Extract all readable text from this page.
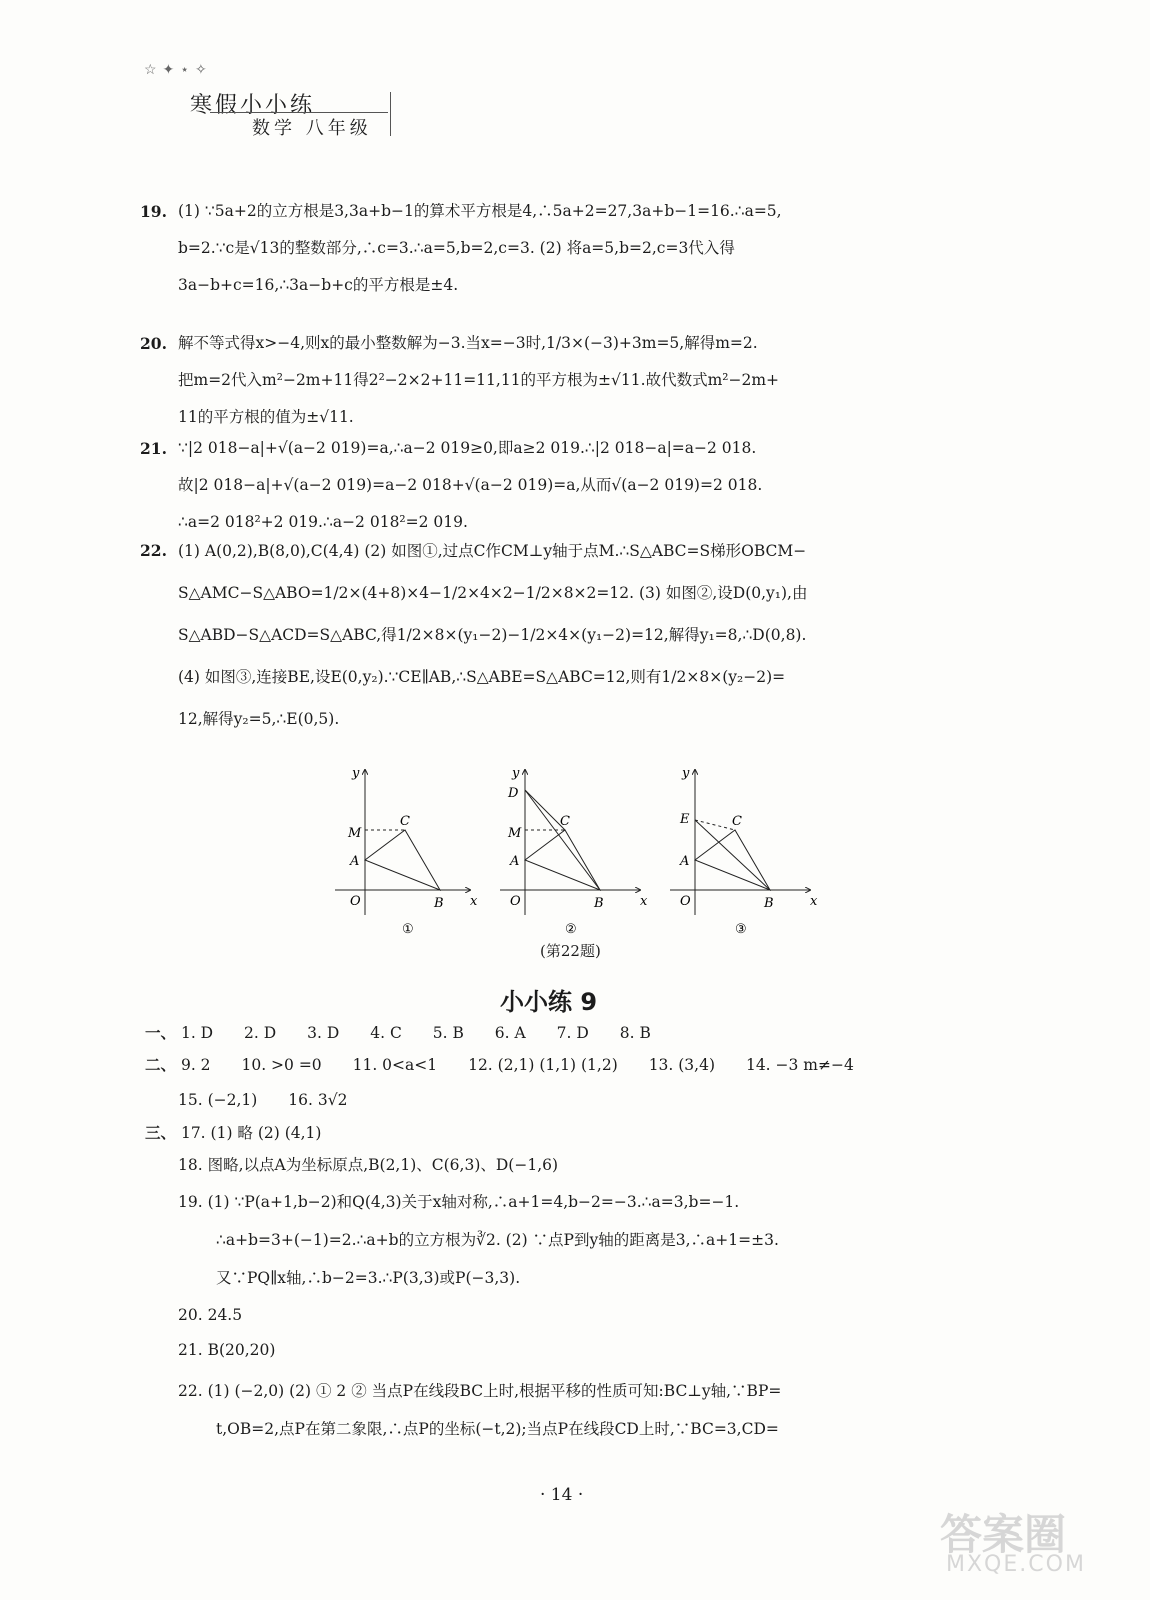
☆✦⋆✧
寒假小小练
数学 八年级

(1) ∵5a+2的立方根是3,3a+b−1的算术平方根是4,∴5a+2=27,3a+b−1=16.∴a=5,

b=2.∵c是√13的整数部分,∴c=3.∴a=5,b=2,c=3. (2) 将a=5,b=2,c=3代入得

3a−b+c=16,∴3a−b+c的平方根是±4.

19.

解不等式得x>−4,则x的最小整数解为−3.当x=−3时,1/3×(−3)+3m=5,解得m=2.

把m=2代入m²−2m+11得2²−2×2+11=11,11的平方根为±√11.故代数式m²−2m+

11的平方根的值为±√11.

20.

∵|2 018−a|+√(a−2 019)=a,∴a−2 019≥0,即a≥2 019.∴|2 018−a|=a−2 018.

故|2 018−a|+√(a−2 019)=a−2 018+√(a−2 019)=a,从而√(a−2 019)=2 018.

∴a=2 018²+2 019.∴a−2 018²=2 019.

21.

(1) A(0,2),B(8,0),C(4,4) (2) 如图①,过点C作CM⊥y轴于点M.∴S△ABC=S梯形OBCM−

S△AMC−S△ABO=1/2×(4+8)×4−1/2×4×2−1/2×8×2=12. (3) 如图②,设D(0,y₁),由

S△ABD−S△ACD=S△ABC,得1/2×8×(y₁−2)−1/2×4×(y₁−2)=12,解得y₁=8,∴D(0,8).

(4) 如图③,连接BE,设E(0,y₂).∵CE∥AB,∴S△ABE=S△ABC=12,则有1/2×8×(y₂−2)=

12,解得y₂=5,∴E(0,5).

22.
x
y
O
A
M
C
B
①
x
y
O
A
M
D
C
B
②
x
y
O
A
E	C
B
③
(第22题)
小小练 9
一、 1. D 2. D 3. D 4. C 5. B 6. A 7. D 8. B
二、 9. 2 10. >0 =0 11. 0<a<1 12. (2,1) (1,1) (1,2) 13. (3,4) 14. −3 m≠−4
15. (−2,1) 16. 3√2
三、 17. (1) 略 (2) (4,1)
18. 图略,以点A为坐标原点,B(2,1)、C(6,3)、D(−1,6)
19. (1) ∵P(a+1,b−2)和Q(4,3)关于x轴对称,∴a+1=4,b−2=−3.∴a=3,b=−1.
∴a+b=3+(−1)=2.∴a+b的立方根为∛2. (2) ∵点P到y轴的距离是3,∴a+1=±3.
又∵PQ∥x轴,∴b−2=3.∴P(3,3)或P(−3,3).
20. 24.5
21. B(20,20)
22. (1) (−2,0) (2) ① 2 ② 当点P在线段BC上时,根据平移的性质可知:BC⊥y轴,∵BP=
t,OB=2,点P在第二象限,∴点P的坐标(−t,2);当点P在线段CD上时,∵BC=3,CD=
· 14 ·
答案圈
MXQE.COM
